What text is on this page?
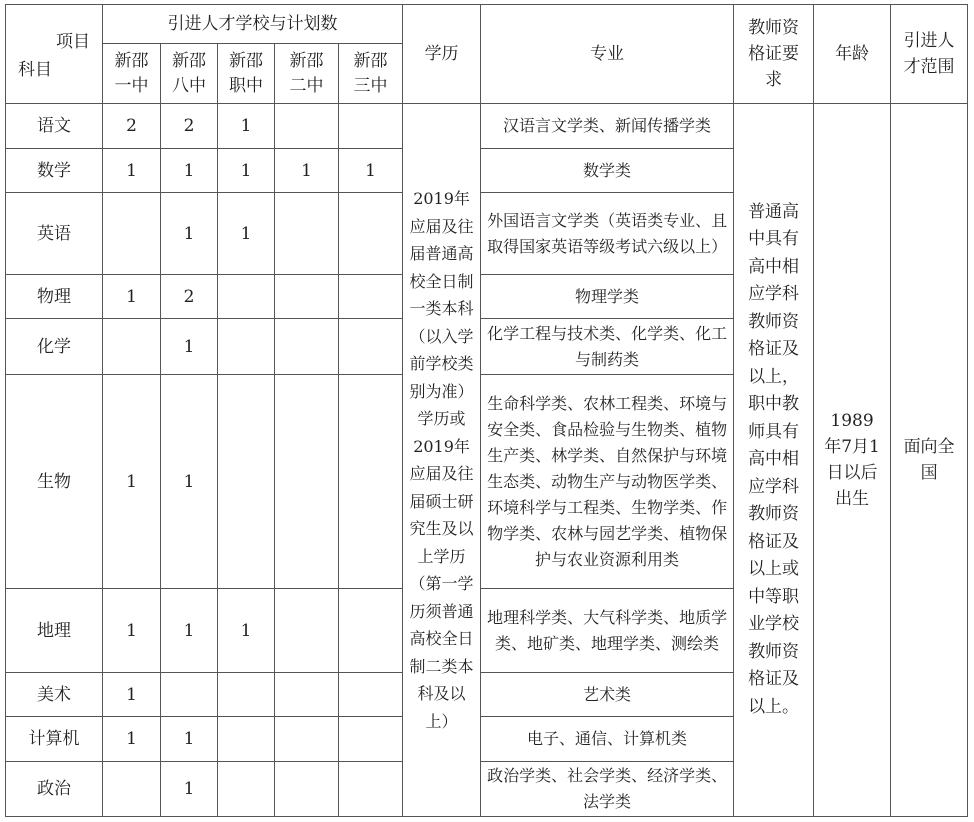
项目
科目	引进人才学校与计划数					学历	专业	教师资格证要求	年龄	引进人才范围
	新邵一中	新邵八中	新邵职中	新邵二中	新邵三中					
语文	2	2	1			2019年应届及往届普通高校全日制一类本科（以入学前学校类别为准）学历或2019年应届及往届硕士研究生及以上学历（第一学历须普通高校全日制二类本科及以上）	汉语言文学类、新闻传播学类	普通高中具有高中相应学科教师资格证及以上，职中教师具有高中相应学科教师资格证及以上或中等职业学校教师资格证及以上。	1989年7月1日以后出生	面向全国
数学	1	1	1	1	1		数学类			
英语		1	1				外国语言文学类（英语类专业、且取得国家英语等级考试六级以上）			
物理	1	2					物理学类			
化学		1					化学工程与技术类、化学类、化工与制药类			
生物	1	1					生命科学类、农林工程类、环境与安全类、食品检验与生物类、植物生产类、林学类、自然保护与环境生态类、动物生产与动物医学类、环境科学与工程类、生物学类、作物学类、农林与园艺学类、植物保护与农业资源利用类			
地理	1	1	1				地理科学类、大气科学类、地质学类、地矿类、地理学类、测绘类			
美术	1						艺术类			
计算机	1	1					电子、通信、计算机类			
政治		1					政治学类、社会学类、经济学类、法学类			
